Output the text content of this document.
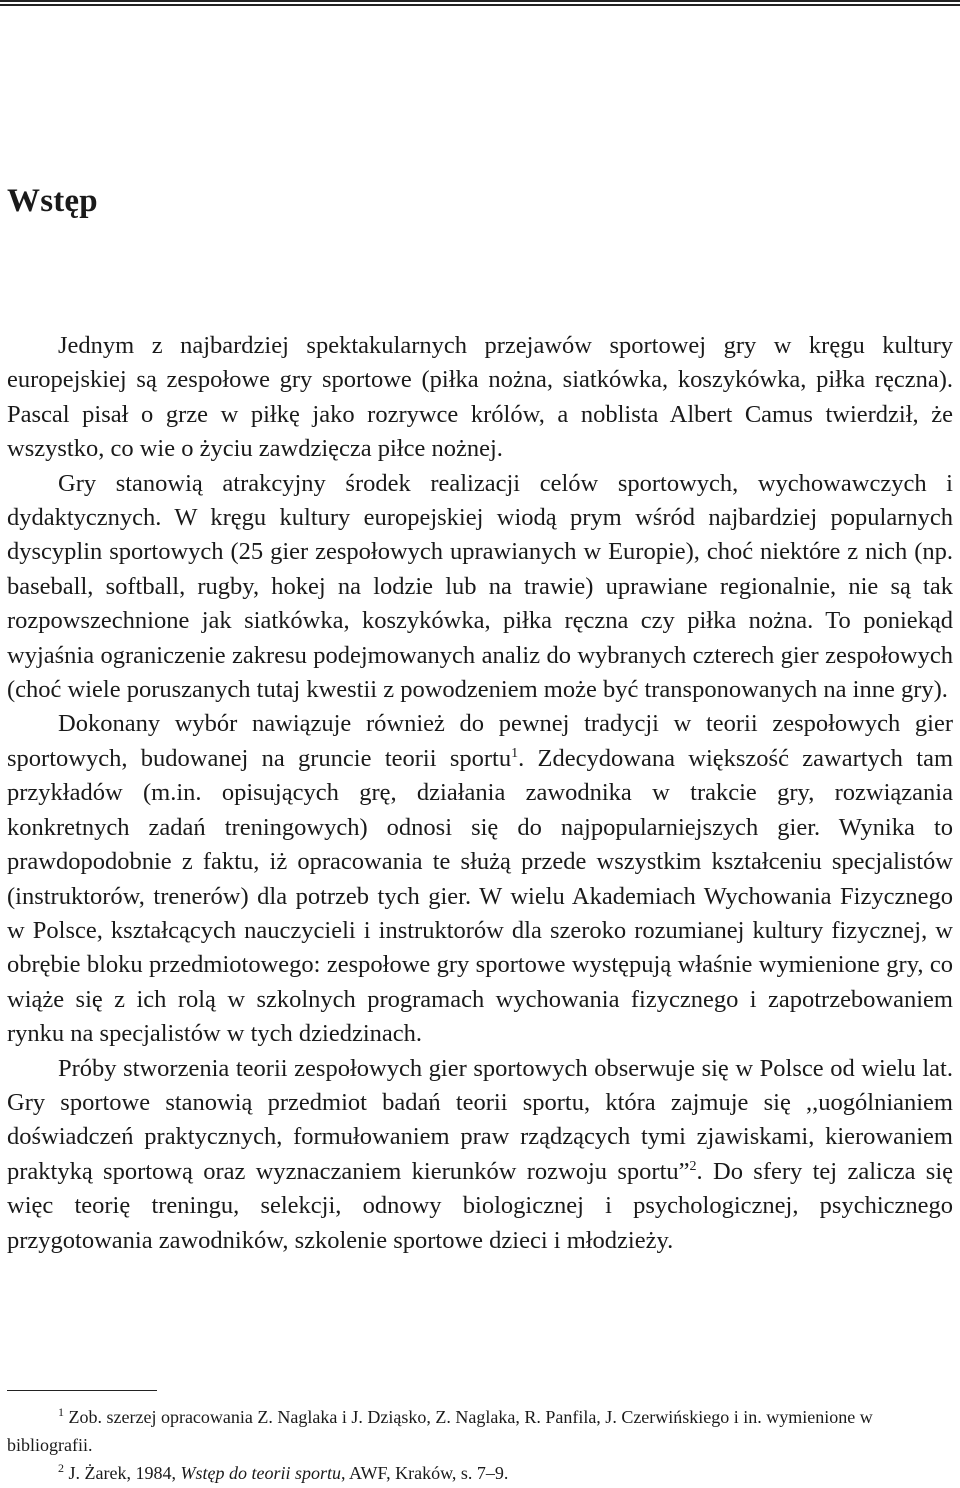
Wstęp

Jednym z najbardziej spektakularnych przejawów sportowej gry w kręgu kultury europejskiej są zespołowe gry sportowe (piłka nożna, siatkówka, koszykówka, piłka ręczna). Pascal pisał o grze w piłkę jako rozrywce królów, a noblista Albert Camus twierdził, że wszystko, co wie o życiu zawdzięcza piłce nożnej.

Gry stanowią atrakcyjny środek realizacji celów sportowych, wychowawczych i dydaktycznych. W kręgu kultury europejskiej wiodą prym wśród najbardziej popularnych dyscyplin sportowych (25 gier zespołowych uprawianych w Europie), choć niektóre z nich (np. baseball, softball, rugby, hokej na lodzie lub na trawie) uprawiane regionalnie, nie są tak rozpowszechnione jak siatkówka, koszykówka, piłka ręczna czy piłka nożna. To poniekąd wyjaśnia ograniczenie zakresu podejmowanych analiz do wybranych czterech gier zespołowych (choć wiele poruszanych tutaj kwestii z powodzeniem może być transponowanych na inne gry).

Dokonany wybór nawiązuje również do pewnej tradycji w teorii zespołowych gier sportowych, budowanej na gruncie teorii sportu$^1$. Zdecydowana większość zawartych tam przykładów (m.in. opisujących grę, działania zawodnika w trakcie gry, rozwiązania konkretnych zadań treningowych) odnosi się do najpopularniejszych gier. Wynika to prawdopodobnie z faktu, iż opracowania te służą przede wszystkim kształceniu specjalistów (instruktorów, trenerów) dla potrzeb tych gier. W wielu Akademiach Wychowania Fizycznego w Polsce, kształcących nauczycieli i instruktorów dla szeroko rozumianej kultury fizycznej, w obrębie bloku przedmiotowego: zespołowe gry sportowe występują właśnie wymienione gry, co wiąże się z ich rolą w szkolnych programach wychowania fizycznego i zapotrzebowaniem rynku na specjalistów w tych dziedzinach.

Próby stworzenia teorii zespołowych gier sportowych obserwuje się w Polsce od wielu lat. Gry sportowe stanowią przedmiot badań teorii sportu, która zajmuje się ,,uogólnianiem doświadczeń praktycznych, formułowaniem praw rządzących tymi zjawiskami, kierowaniem praktyką sportową oraz wyznaczaniem kierunków rozwoju sportu”$^2$. Do sfery tej zalicza się więc teorię treningu, selekcji, odnowy biologicznej i psychologicznej, psychicznego przygotowania zawodników, szkolenie sportowe dzieci i młodzieży.

$^1$ Zob. szerzej opracowania Z. Naglaka i J. Dziąsko, Z. Naglaka, R. Panfila, J. Czerwińskiego i in. wymienione w bibliografii.

$^2$ J. Żarek, 1984, Wstęp do teorii sportu, AWF, Kraków, s. 7–9.
